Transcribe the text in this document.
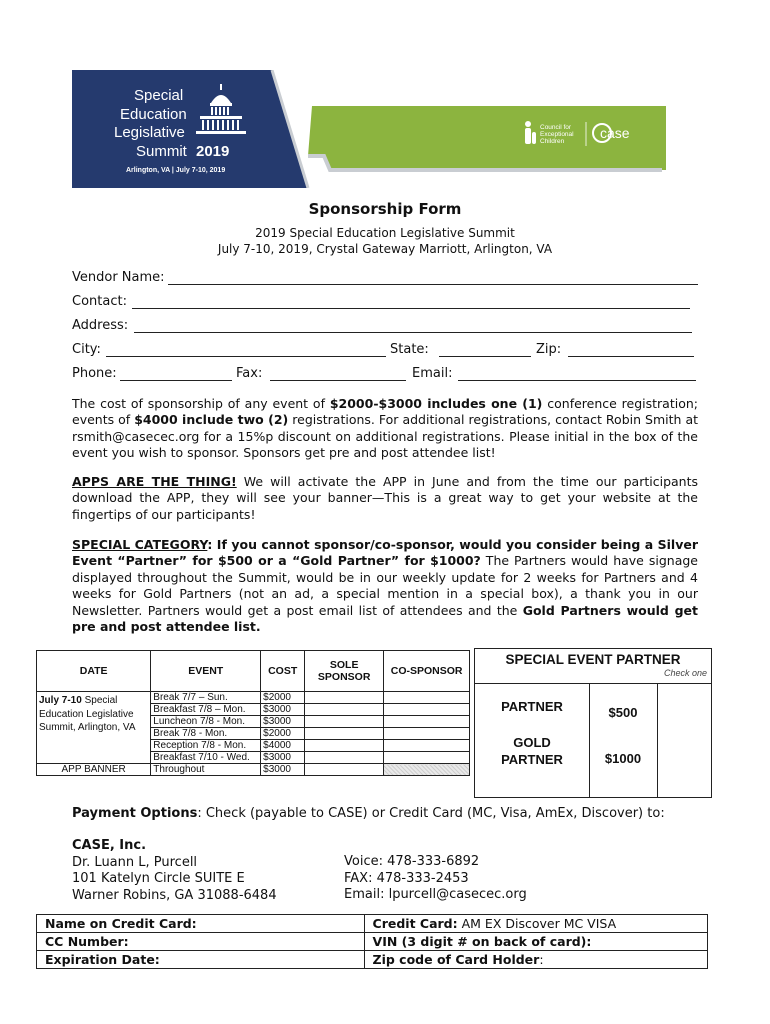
Special
Education
Legislative
Summit 2019
Arlington, VA | July 7-10, 2019
Council for
Exceptional
Children
case
Sponsorship Form
2019 Special Education Legislative Summit
July 7-10, 2019, Crystal Gateway Marriott, Arlington, VA
Vendor Name:
Contact:
Address:
City:	State:	Zip:
Phone:	Fax:	Email:
The cost of sponsorship of any event of $2000-$3000 includes one (1) conference registration; events of $4000 include two (2) registrations. For additional registrations, contact Robin Smith at rsmith@casecec.org for a 15%p discount on additional registrations. Please initial in the box of the event you wish to sponsor. Sponsors get pre and post attendee list!
APPS ARE THE THING! We will activate the APP in June and from the time our participants download the APP, they will see your banner—This is a great way to get your website at the fingertips of our participants!
SPECIAL CATEGORY: If you cannot sponsor/co-sponsor, would you consider being a Silver Event “Partner” for $500 or a “Gold Partner” for $1000? The Partners would have signage displayed throughout the Summit, would be in our weekly update for 2 weeks for Partners and 4 weeks for Gold Partners (not an ad, a special mention in a special box), a thank you in our Newsletter. Partners would get a post email list of attendees and the Gold Partners would get pre and post attendee list.
DATE	EVENT	COST	SOLE SPONSOR	CO-SPONSOR
July 7-10 Special Education Legislative Summit, Arlington, VA	Break 7/7 – Sun.	$2000		
	Breakfast 7/8 – Mon.	$3000		
	Luncheon 7/8 - Mon.	$3000		
	Break 7/8 - Mon.	$2000		
	Reception 7/8 - Mon.	$4000		
	Breakfast 7/10 - Wed.	$3000		
APP BANNER	Throughout	$3000		
SPECIAL EVENT PARTNER
Check one
PARTNER	$500
GOLD
PARTNER	$1000
Payment Options: Check (payable to CASE) or Credit Card (MC, Visa, AmEx, Discover) to:
CASE, Inc.
Dr. Luann L, Purcell
101 Katelyn Circle SUITE E
Warner Robins, GA 31088-6484
Voice: 478-333-6892
FAX: 478-333-2453
Email: lpurcell@casecec.org
Name on Credit Card:	Credit Card: AM EX Discover MC VISA
CC Number:	VIN (3 digit # on back of card):
Expiration Date:	Zip code of Card Holder:
